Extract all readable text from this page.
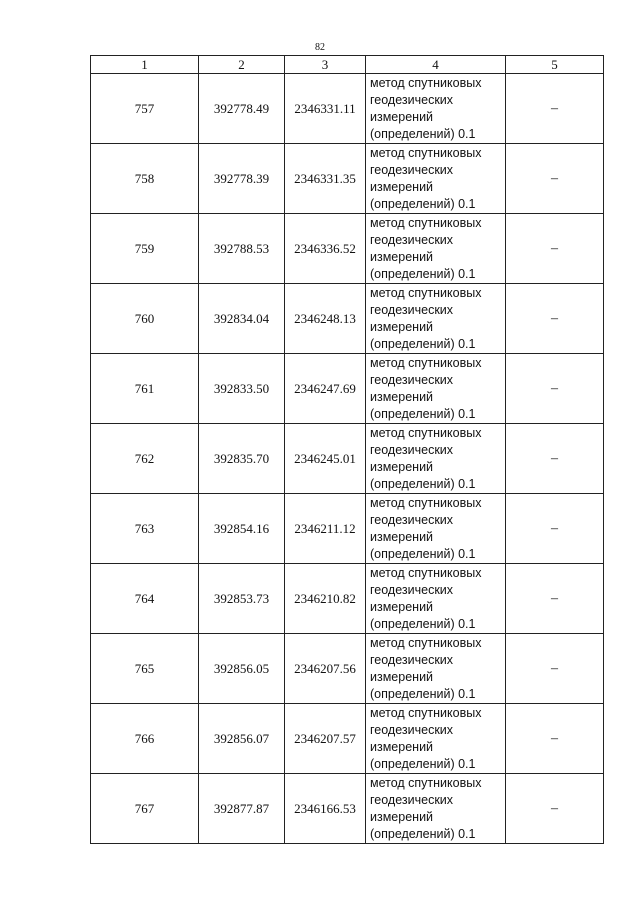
82
1	2	3	4	5
757	392778.49	2346331.11	метод спутниковых
геодезических
измерений
(определений) 0.1	–
758	392778.39	2346331.35	метод спутниковых
геодезических
измерений
(определений) 0.1	–
759	392788.53	2346336.52	метод спутниковых
геодезических
измерений
(определений) 0.1	–
760	392834.04	2346248.13	метод спутниковых
геодезических
измерений
(определений) 0.1	–
761	392833.50	2346247.69	метод спутниковых
геодезических
измерений
(определений) 0.1	–
762	392835.70	2346245.01	метод спутниковых
геодезических
измерений
(определений) 0.1	–
763	392854.16	2346211.12	метод спутниковых
геодезических
измерений
(определений) 0.1	–
764	392853.73	2346210.82	метод спутниковых
геодезических
измерений
(определений) 0.1	–
765	392856.05	2346207.56	метод спутниковых
геодезических
измерений
(определений) 0.1	–
766	392856.07	2346207.57	метод спутниковых
геодезических
измерений
(определений) 0.1	–
767	392877.87	2346166.53	метод спутниковых
геодезических
измерений
(определений) 0.1	–
